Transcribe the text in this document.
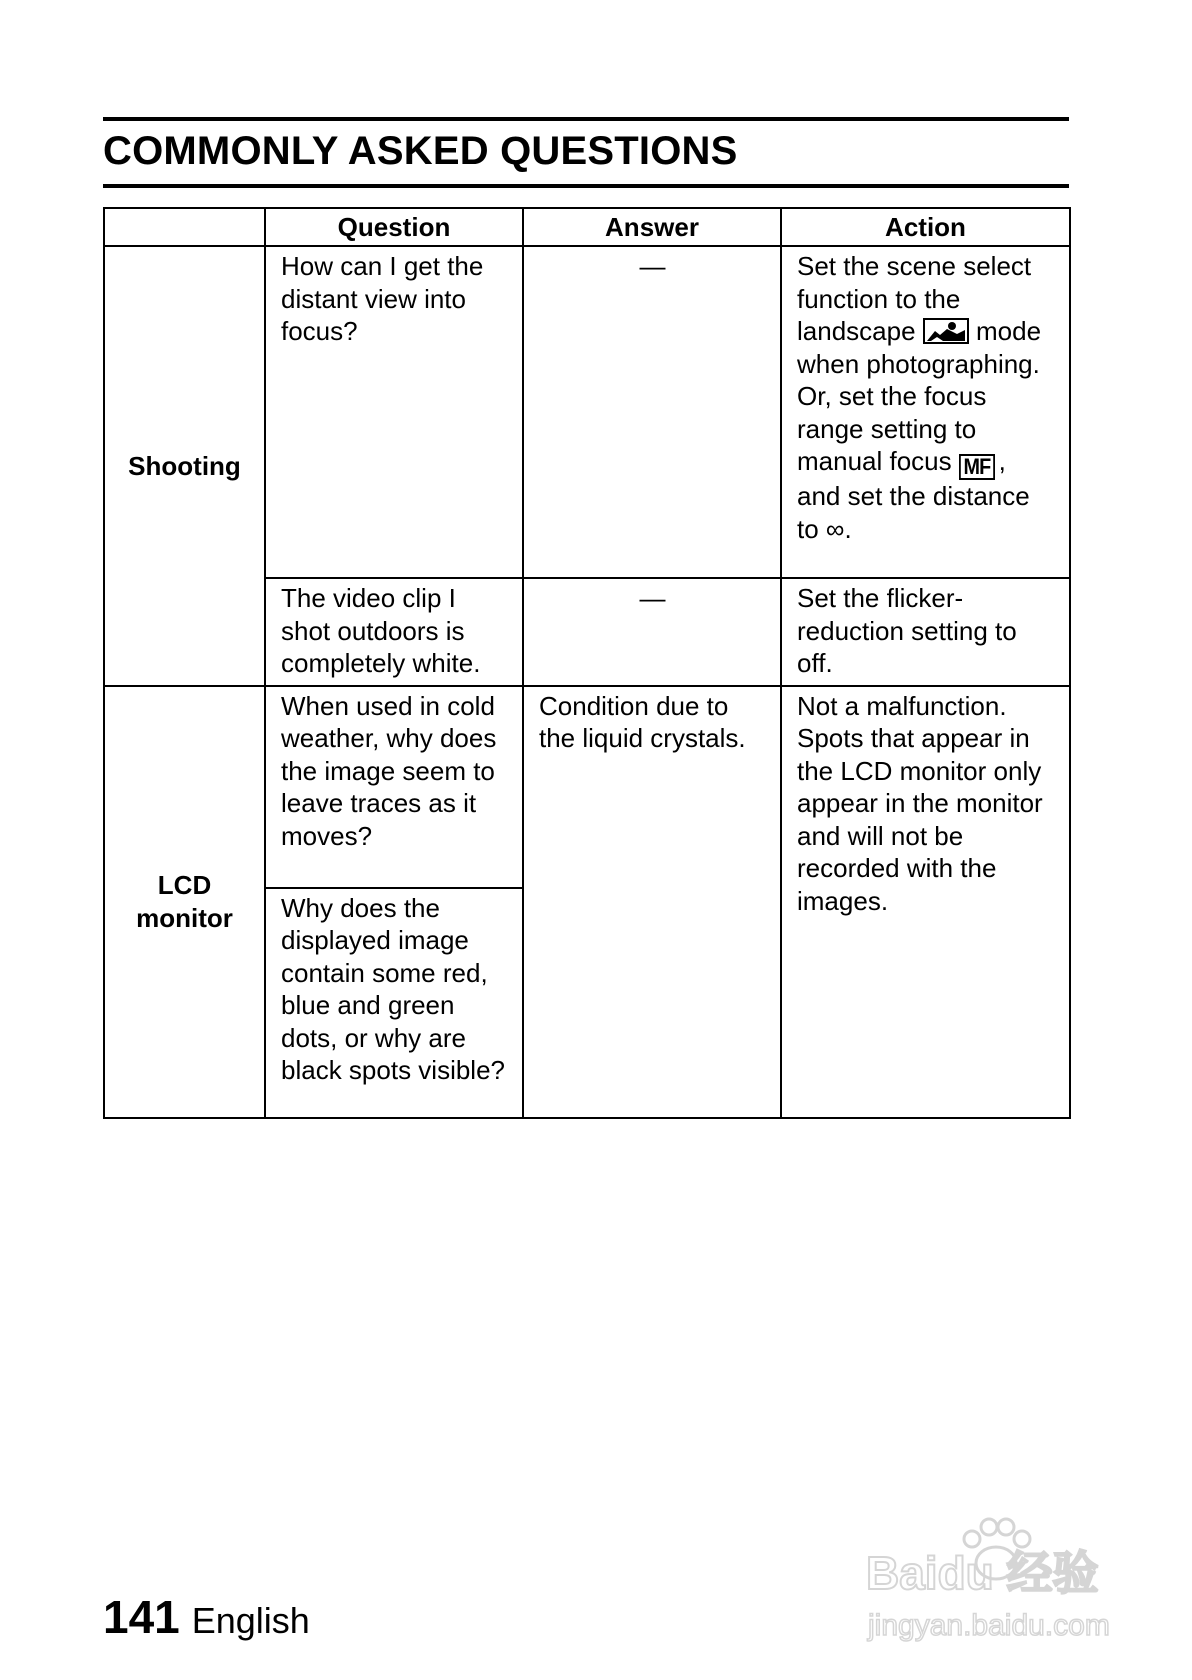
COMMONLY ASKED QUESTIONS
	Question	Answer	Action
Shooting	How can I get the distant view into focus?	—	Set the scene select function to the landscape mode when photographing.
Or, set the focus range setting to manual focus MF ,
and set the distance to ∞.
	The video clip I shot outdoors is completely white.	—	Set the flicker-reduction setting to off.
LCD monitor	When used in cold weather, why does the image seem to leave traces as it moves?	Condition due to the liquid crystals.	Not a malfunction. Spots that appear in the LCD monitor only appear in the monitor and will not be recorded with the images.
	Why does the displayed image contain some red, blue and green dots, or why are black spots visible?		
141 English
Baidu 经验
jingyan.baidu.com
